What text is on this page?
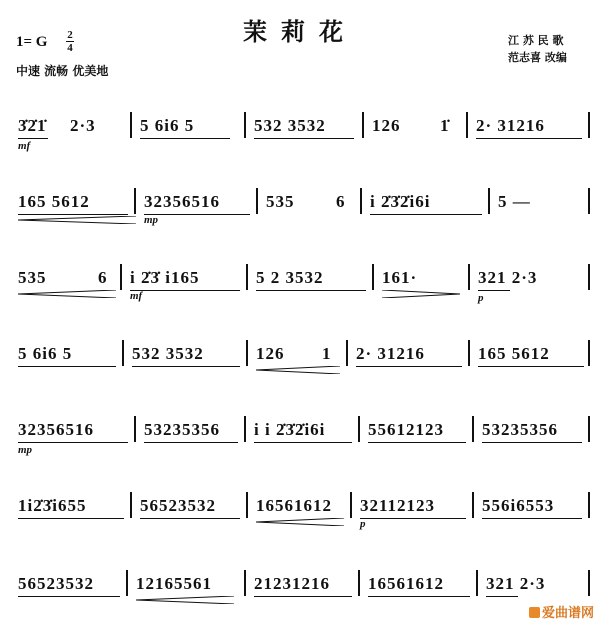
茉莉花
1= G 2
4
中速 流畅 优美地
江 苏 民 歌
范志喜 改编
3̇2̇1̇ 2·3	5 6i6 5	532 3532	126 1̇ 2· 31216
mf
165 5612	32356516	535 6 i 2̇3̇2̇i6i	5 —
mp
535	6 i 2̇3̇ i165	5 2 3532	161·	321 2·3
mf	p
5 6i6 5	532 3532	126 1 2· 31216	165 5612
32356516	53235356 i i 2̇3̇2̇i6i	55612123 53235356
mp
1i2̇3̇i655	56523532 16561612 32112123	556i6553
p
56523532 12165561 21231216 16561612 321 2·3
爱曲谱网
